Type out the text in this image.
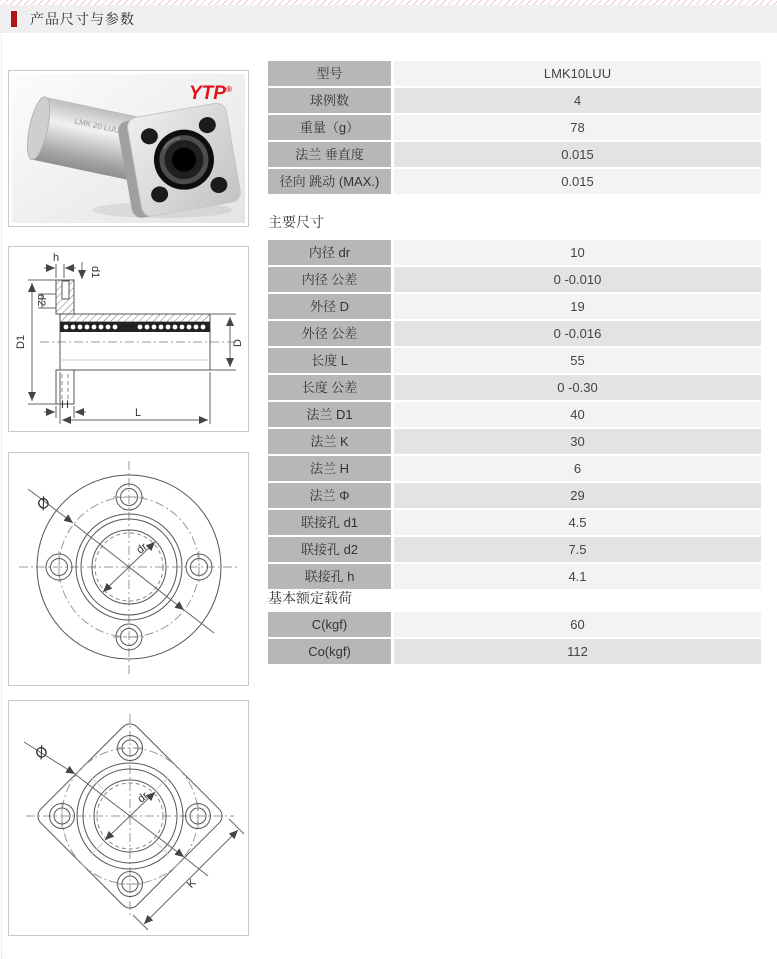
产品尺寸与参数
LMK 20 LUU
YTP®
h
d1
d2
D1	D
H
L
Ø
dr
Ø
dr
K
型号	LMK10LUU
球例数	4
重量（g）	78
法兰 垂直度	0.015
径向 跳动 (MAX.)	0.015
主要尺寸
内径 dr	10
内径 公差	0 -0.010
外径 D	19
外径 公差	0 -0.016
长度 L	55
长度 公差	0 -0.30
法兰 D1	40
法兰 K	30
法兰 H	6
法兰 Φ	29
联接孔 d1	4.5
联接孔 d2	7.5
联接孔 h	4.1
基本额定载荷
C(kgf)	60
Co(kgf)	112
